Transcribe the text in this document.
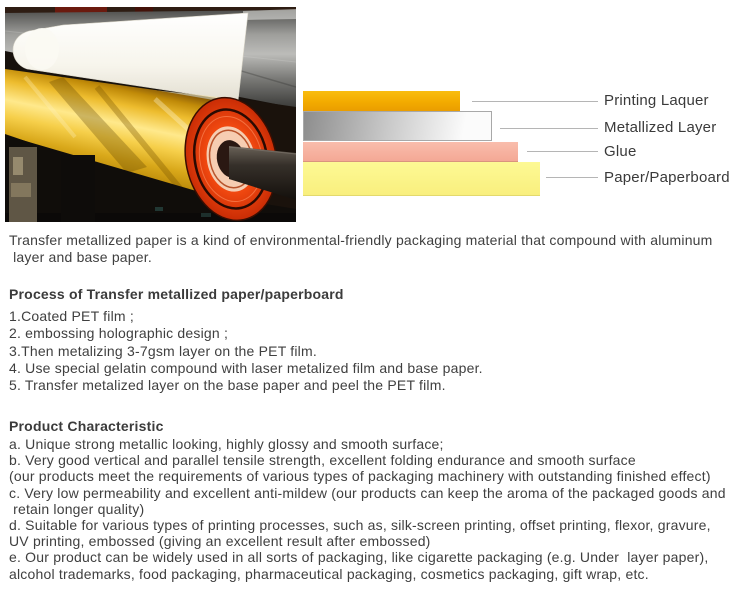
Printing Laquer
Metallized Layer
Glue
Paper/Paperboard
Transfer metallized paper is a kind of environmental-friendly packaging material that compound with aluminum
layer and base paper.
Process of Transfer metallized paper/paperboard
1.Coated PET film ;
2. embossing holographic design ;
3.Then metalizing 3-7gsm layer on the PET film.
4. Use special gelatin compound with laser metalized film and base paper.
5. Transfer metalized layer on the base paper and peel the PET film.
Product Characteristic
a. Unique strong metallic looking, highly glossy and smooth surface;
b. Very good vertical and parallel tensile strength, excellent folding endurance and smooth surface
(our products meet the requirements of various types of packaging machinery with outstanding finished effect)
c. Very low permeability and excellent anti-mildew (our products can keep the aroma of the packaged goods and
retain longer quality)
d. Suitable for various types of printing processes, such as, silk-screen printing, offset printing, flexor, gravure,
UV printing, embossed (giving an excellent result after embossed)
e. Our product can be widely used in all sorts of packaging, like cigarette packaging (e.g. Under  layer paper),
alcohol trademarks, food packaging, pharmaceutical packaging, cosmetics packaging, gift wrap, etc.
